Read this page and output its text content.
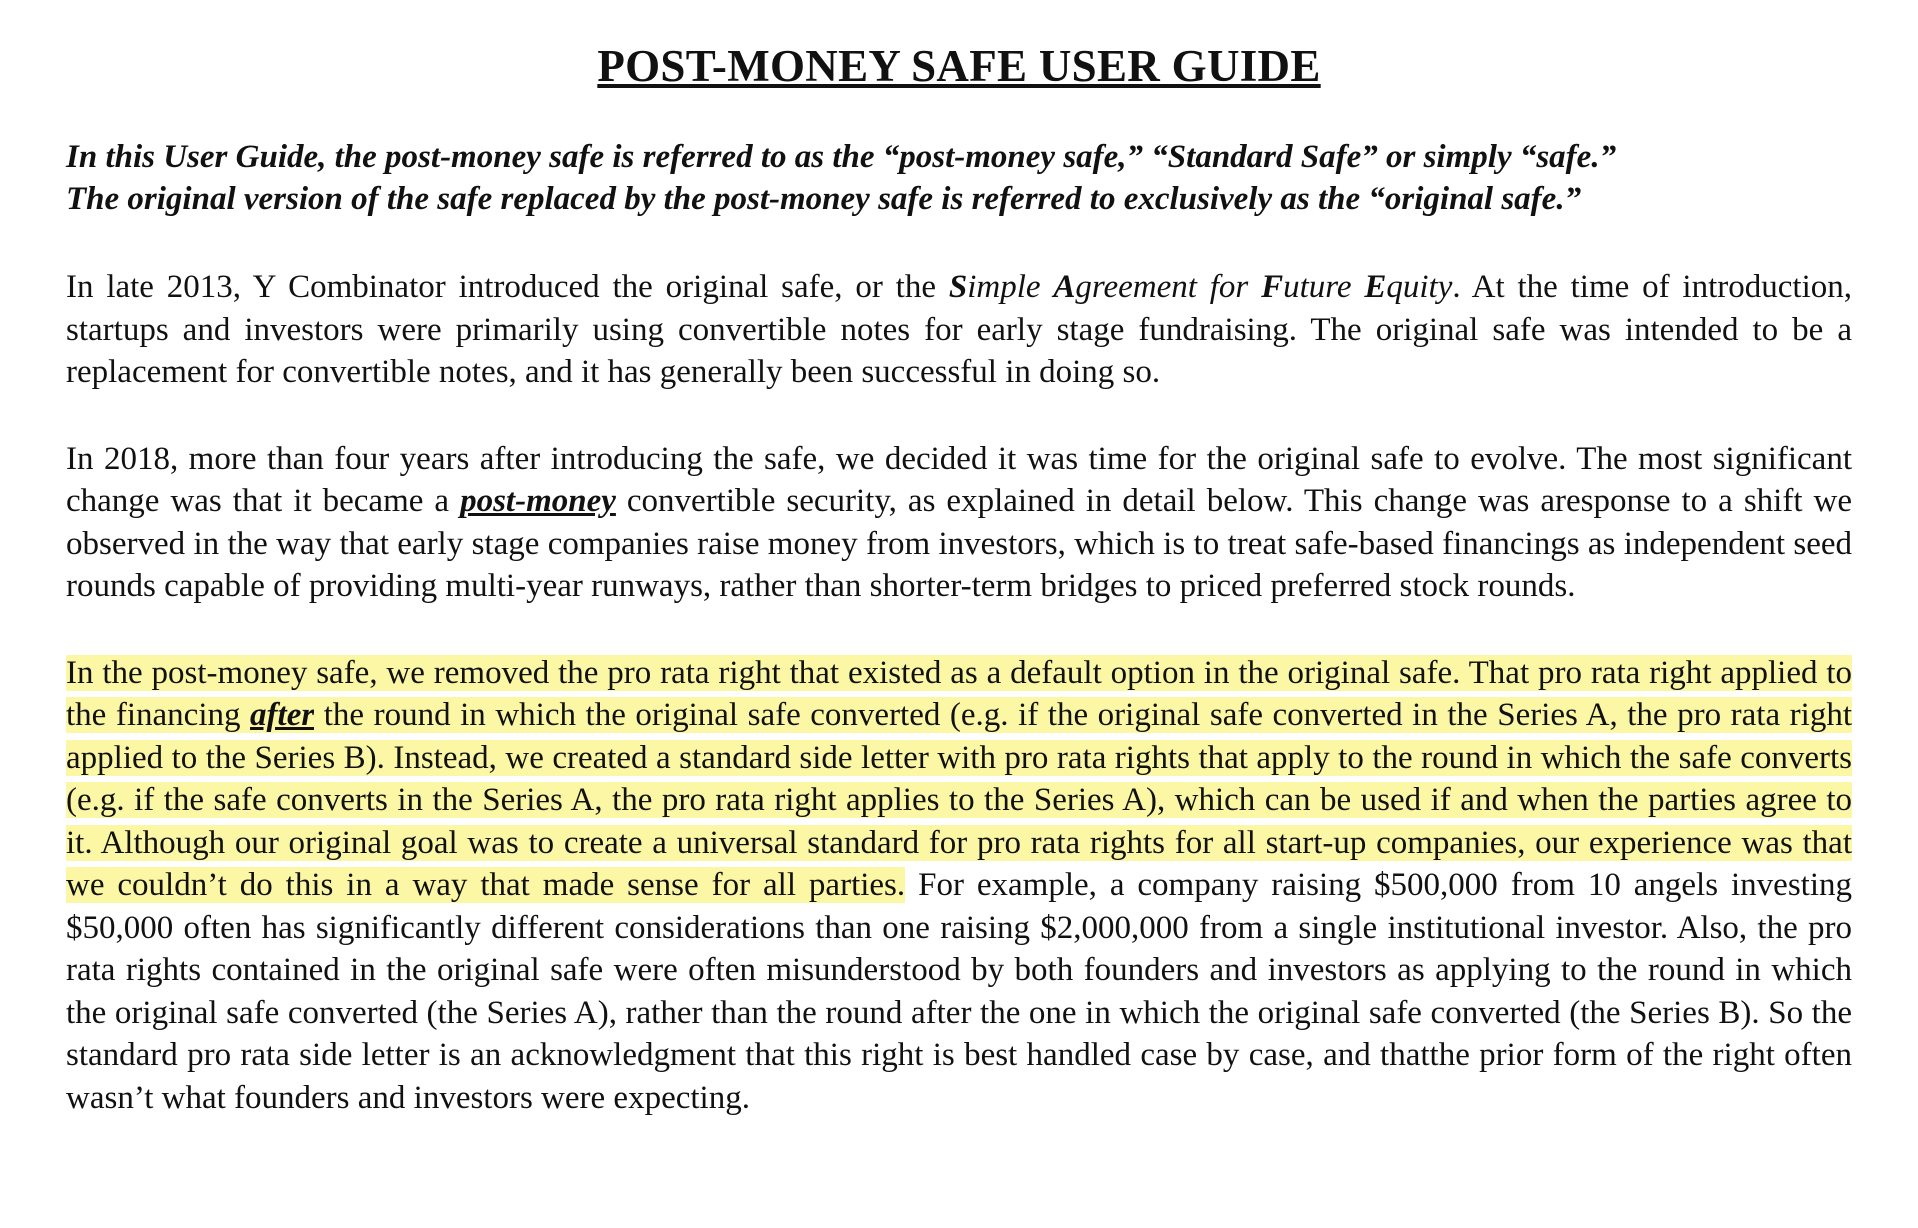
POST-MONEY SAFE USER GUIDE
In this User Guide, the post-money safe is referred to as the “post-money safe,” “Standard Safe” or simply “safe.”
The original version of the safe replaced by the post-money safe is referred to exclusively as the “original safe.”

In late 2013, Y Combinator introduced the original safe, or the Simple Agreement for Future Equity. At the time of introduction, startups and investors were primarily using convertible notes for early stage fundraising. The original safe was intended to be a replacement for convertible notes, and it has generally been successful in doing so.

In 2018, more than four years after introducing the safe, we decided it was time for the original safe to evolve. The most significant change was that it became a post-money convertible security, as explained in detail below. This change was aresponse to a shift we observed in the way that early stage companies raise money from investors, which is to treat safe-based financings as independent seed rounds capable of providing multi-year runways, rather than shorter-term bridges to priced preferred stock rounds.

In the post-money safe, we removed the pro rata right that existed as a default option in the original safe. That pro rata right applied to the financing after the round in which the original safe converted (e.g. if the original safe converted in the Series A, the pro rata right applied to the Series B). Instead, we created a standard side letter with pro rata rights that apply to the round in which the safe converts (e.g. if the safe converts in the Series A, the pro rata right applies to the Series A), which can be used if and when the parties agree to it. Although our original goal was to create a universal standard for pro rata rights for all start-up companies, our experience was that we couldn’t do this in a way that made sense for all parties. For example, a company raising $500,000 from 10 angels investing $50,000 often has significantly different considerations than one raising $2,000,000 from a single institutional investor. Also, the pro rata rights contained in the original safe were often misunderstood by both founders and investors as applying to the round in which the original safe converted (the Series A), rather than the round after the one in which the original safe converted (the Series B). So the standard pro rata side letter is an acknowledgment that this right is best handled case by case, and thatthe prior form of the right often wasn’t what founders and investors were expecting.
